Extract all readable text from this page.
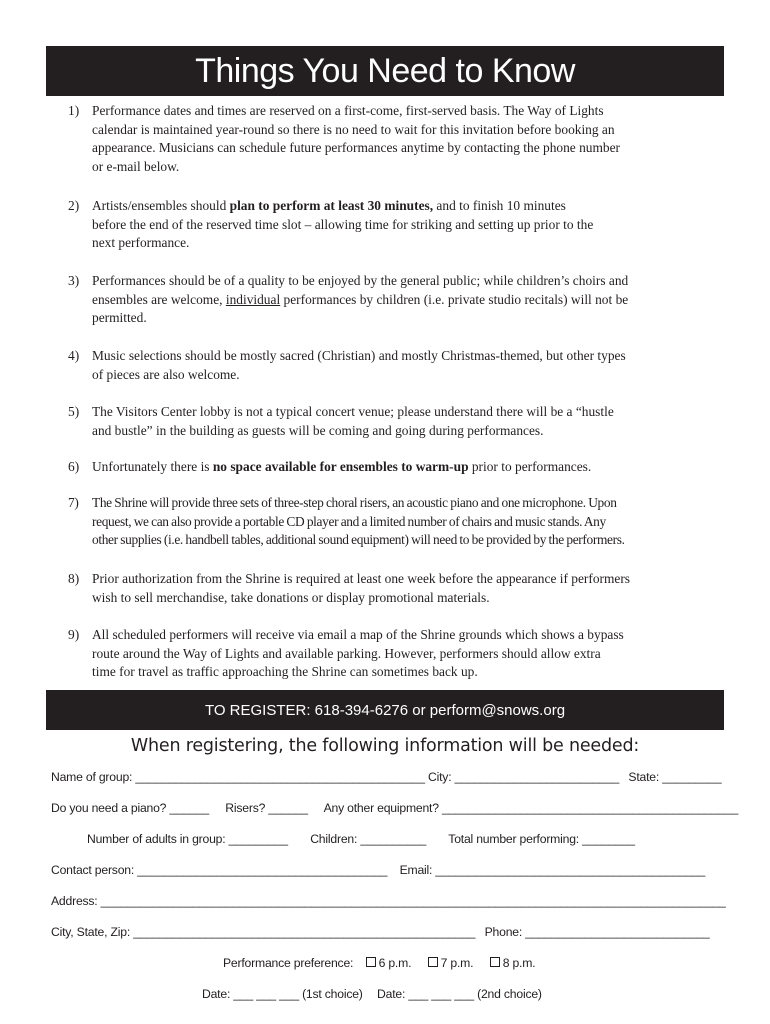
Things You Need to Know
1) Performance dates and times are reserved on a first-come, first-served basis. The Way of Lights
calendar is maintained year-round so there is no need to wait for this invitation before booking an
appearance. Musicians can schedule future performances anytime by contacting the phone number
or e-mail below.
2) Artists/ensembles should plan to perform at least 30 minutes, and to finish 10 minutes
before the end of the reserved time slot – allowing time for striking and setting up prior to the
next performance.
3) Performances should be of a quality to be enjoyed by the general public; while children’s choirs and
ensembles are welcome, individual performances by children (i.e. private studio recitals) will not be
permitted.
4) Music selections should be mostly sacred (Christian) and mostly Christmas-themed, but other types
of pieces are also welcome.
5) The Visitors Center lobby is not a typical concert venue; please understand there will be a “hustle
and bustle” in the building as guests will be coming and going during performances.
6) Unfortunately there is no space available for ensembles to warm-up prior to performances.
7)	The Shrine will provide three sets of three-step choral risers, an acoustic piano and one microphone. Upon
request, we can also provide a portable CD player and a limited number of chairs and music stands. Any
other supplies (i.e. handbell tables, additional sound equipment) will need to be provided by the performers.
8) Prior authorization from the Shrine is required at least one week before the appearance if performers
wish to sell merchandise, take donations or display promotional materials.
9) All scheduled performers will receive via email a map of the Shrine grounds which shows a bypass
route around the Way of Lights and available parking. However, performers should allow extra
time for travel as traffic approaching the Shrine can sometimes back up.
TO REGISTER: 618-394-6276 or perform@snows.org
When registering, the following information will be needed:
Name of group: ____________________________________________ City: _________________________ State: _________
Do you need a piano? ______ Risers? ______ Any other equipment? _____________________________________________
Number of adults in group: _________ Children: __________ Total number performing: ________
Contact person: ______________________________________ Email: _________________________________________
Address: _______________________________________________________________________________________________
City, State, Zip: ____________________________________________________ Phone: ____________________________
Performance preference: 6 p.m. 7 p.m. 8 p.m.
Date: ___ ___ ___ (1st choice) Date: ___ ___ ___ (2nd choice)
